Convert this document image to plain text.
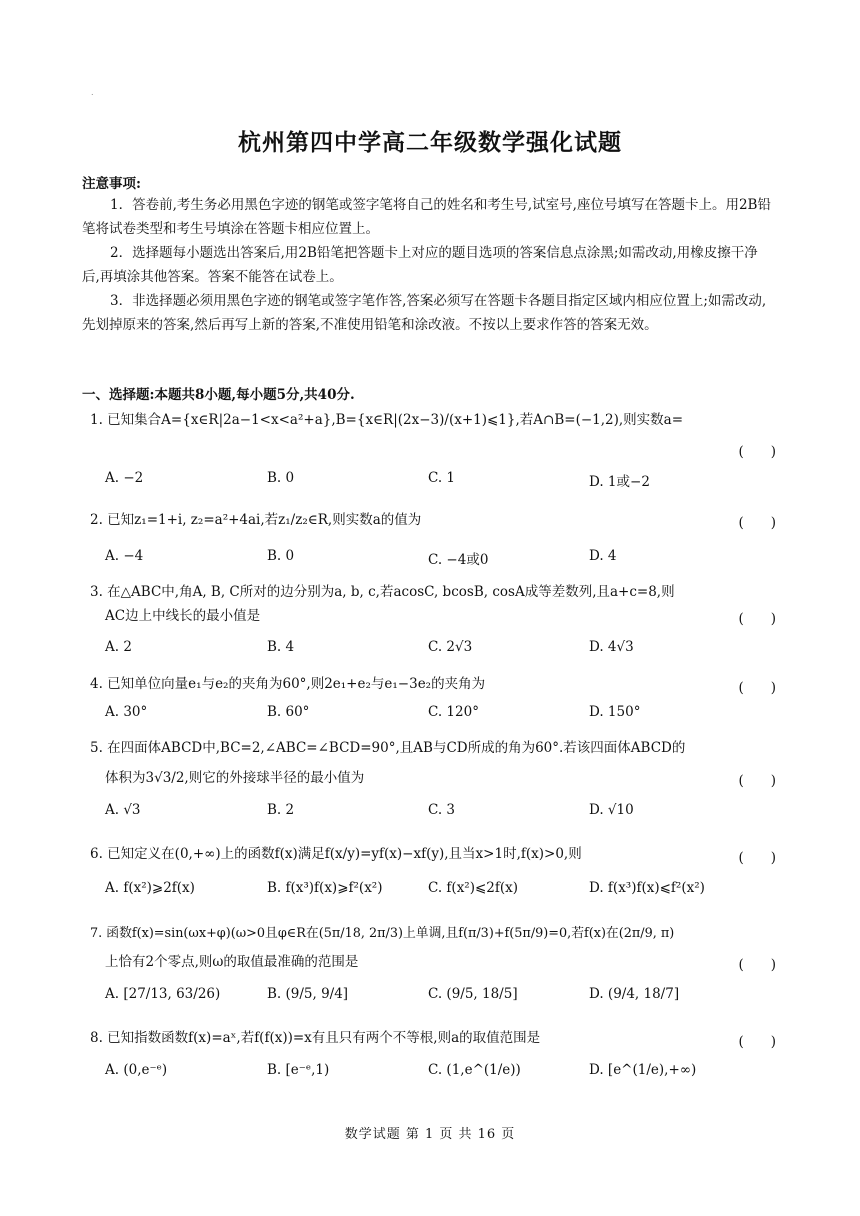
.
杭州第四中学高二年级数学强化试题
注意事项:
1．答卷前,考生务必用黑色字迹的钢笔或签字笔将自己的姓名和考生号,试室号,座位号填写在答题卡上。用2B铅笔将试卷类型和考生号填涂在答题卡相应位置上。
2．选择题每小题选出答案后,用2B铅笔把答题卡上对应的题目选项的答案信息点涂黑;如需改动,用橡皮擦干净后,再填涂其他答案。答案不能答在试卷上。
3．非选择题必须用黑色字迹的钢笔或签字笔作答,答案必须写在答题卡各题目指定区域内相应位置上;如需改动,先划掉原来的答案,然后再写上新的答案,不准使用铅笔和涂改液。不按以上要求作答的答案无效。
一、选择题:本题共8小题,每小题5分,共40分.
1. 已知集合A={x∈R|2a−1<x<a²+a},B={x∈R|(2x−3)/(x+1)⩽1},若A∩B=(−1,2),则实数a=
(　　)
A. −2	B. 0	C. 1	D. 1或−2
2. 已知z₁=1+i, z₂=a²+4ai,若z₁/z₂∈R,则实数a的值为	(　　)
A. −4	B. 0	C. −4或0	D. 4
3. 在△ABC中,角A, B, C所对的边分别为a, b, c,若acosC, bcosB, cosA成等差数列,且a+c=8,则
AC边上中线长的最小值是	(　　)
A. 2	B. 4	C. 2√3	D. 4√3
4. 已知单位向量e₁与e₂的夹角为60°,则2e₁+e₂与e₁−3e₂的夹角为	(　　)
A. 30°	B. 60°	C. 120°	D. 150°
5. 在四面体ABCD中,BC=2,∠ABC=∠BCD=90°,且AB与CD所成的角为60°.若该四面体ABCD的
体积为3√3/2,则它的外接球半径的最小值为	(　　)
A. √3	B. 2	C. 3	D. √10
6. 已知定义在(0,+∞)上的函数f(x)满足f(x/y)=yf(x)−xf(y),且当x>1时,f(x)>0,则	(　　)
A. f(x²)⩾2f(x)	B. f(x³)f(x)⩾f²(x²)	C. f(x²)⩽2f(x)	D. f(x³)f(x)⩽f²(x²)
7. 函数f(x)=sin(ωx+φ)(ω>0且φ∈R在(5π/18, 2π/3)上单调,且f(π/3)+f(5π/9)=0,若f(x)在(2π/9, π)
上恰有2个零点,则ω的取值最准确的范围是	(　　)
A. [27/13, 63/26)	B. (9/5, 9/4]	C. (9/5, 18/5]	D. (9/4, 18/7]
8. 已知指数函数f(x)=aˣ,若f(f(x))=x有且只有两个不等根,则a的取值范围是	(　　)
A. (0,e⁻ᵉ)	B. [e⁻ᵉ,1)	C. (1,e^(1/e))	D. [e^(1/e),+∞)
数学试题 第 1 页 共 16 页
